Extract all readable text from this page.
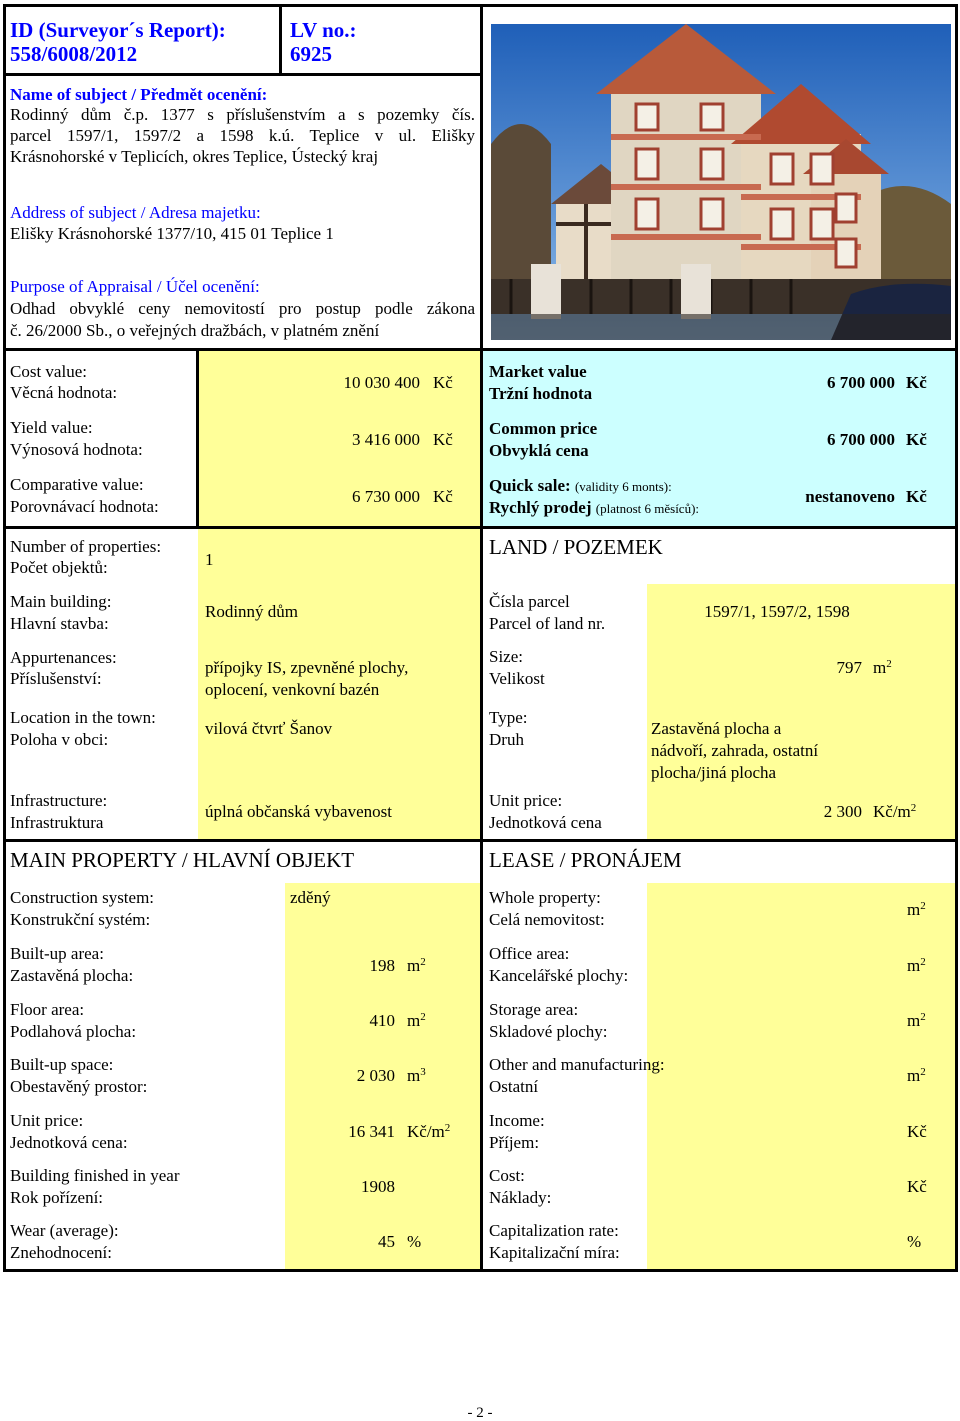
ID (Surveyor´s Report):
558/6008/2012
LV no.:
6925
Name of subject / Předmět ocenění:
Rodinný dům č.p. 1377 s příslušenstvím a s pozemky čís.
parcel 1597/1, 1597/2 a 1598 k.ú. Teplice v ul. Elišky
Krásnohorské v Teplicích, okres Teplice, Ústecký kraj
Address of subject / Adresa majetku:
Elišky Krásnohorské 1377/10, 415 01 Teplice 1
Purpose of Appraisal / Účel ocenění:
Odhad obvyklé ceny nemovitostí pro postup podle zákona
č. 26/2000 Sb., o veřejných dražbách, v platném znění
Cost value:
Věcná hodnota:
10 030 400 Kč
Yield value:
Výnosová hodnota:
3 416 000 Kč
Comparative value:
Porovnávací hodnota:
6 730 000 Kč
Market value
Tržní hodnota
6 700 000 Kč
Common price
Obvyklá cena
6 700 000 Kč
Quick sale: (validity 6 monts):
Rychlý prodej (platnost 6 měsíců):
nestanoveno Kč
Number of properties:
Počet objektů:	1
Main building:
Hlavní stavba:
Rodinný dům
Appurtenances:
Příslušenství:
přípojky IS, zpevněné plochy,
oplocení, venkovní bazén
Location in the town:
Poloha v obci:
vilová čtvrť Šanov
Infrastructure:
Infrastruktura
úplná občanská vybavenost
LAND / POZEMEK
Čísla parcel
Parcel of land nr.
1597/1, 1597/2, 1598
Size:
Velikost
797 $m^2$
Type:
Druh
Zastavěná plocha a
nádvoří, zahrada, ostatní
plocha/jiná plocha
Unit price:
Jednotková cena
2 300 $Kč/m^2$
MAIN PROPERTY / HLAVNÍ OBJEKT	LEASE / PRONÁJEM
Construction system:
Konstrukční systém:
zděný
Built-up area:
Zastavěná plocha:
198 $m^2$
Floor area:
Podlahová plocha:
410 $m^2$
Built-up space:
Obestavěný prostor:
2 030 $m^3$
Unit price:
Jednotková cena:
16 341 $Kč/m^2$
Building finished in year
Rok pořízení:
1908
Wear (average):
Znehodnocení:
45 %
Whole property:
Celá nemovitost:
$m^2$
Office area:
Kancelářské plochy:
$m^2$
Storage area:
Skladové plochy:
$m^2$
Other and manufacturing:
Ostatní
$m^2$
Income:
Příjem:
Kč
Cost:
Náklady:
Kč
Capitalization rate:
Kapitalizační míra:
%
- 2 -
